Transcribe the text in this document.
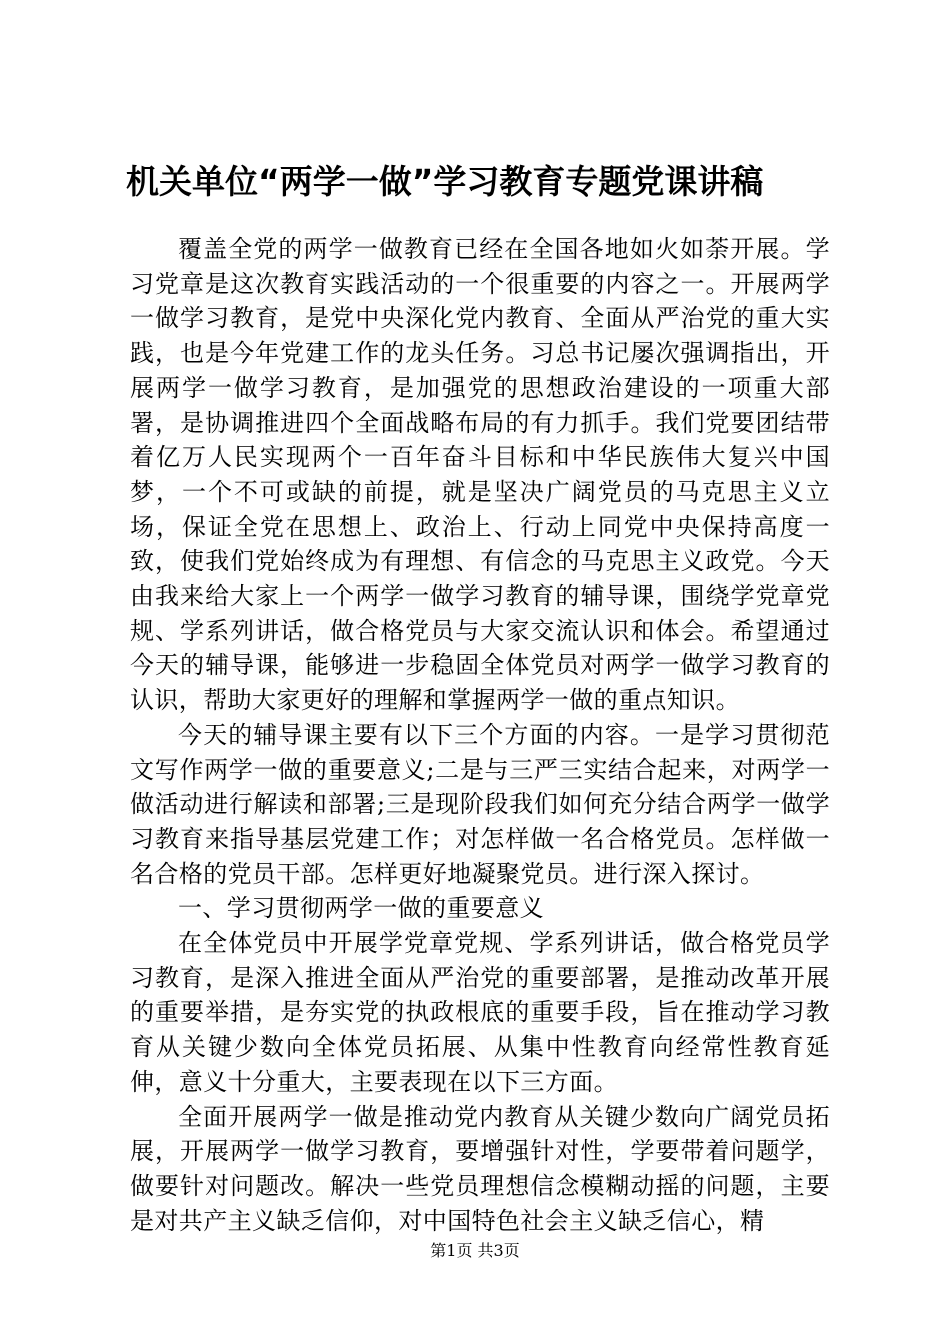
机关单位“两学一做”学习教育专题党课讲稿

覆盖全党的两学一做教育已经在全国各地如火如荼开展。学习党章是这次教育实践活动的一个很重要的内容之一。开展两学一做学习教育，是党中央深化党内教育、全面从严治党的重大实践，也是今年党建工作的龙头任务。习总书记屡次强调指出，开展两学一做学习教育，是加强党的思想政治建设的一项重大部署，是协调推进四个全面战略布局的有力抓手。我们党要团结带着亿万人民实现两个一百年奋斗目标和中华民族伟大复兴中国梦，一个不可或缺的前提，就是坚决广阔党员的马克思主义立场，保证全党在思想上、政治上、行动上同党中央保持高度一致，使我们党始终成为有理想、有信念的马克思主义政党。今天由我来给大家上一个两学一做学习教育的辅导课，围绕学党章党规、学系列讲话，做合格党员与大家交流认识和体会。希望通过今天的辅导课，能够进一步稳固全体党员对两学一做学习教育的认识，帮助大家更好的理解和掌握两学一做的重点知识。

今天的辅导课主要有以下三个方面的内容。一是学习贯彻范文写作两学一做的重要意义;二是与三严三实结合起来，对两学一做活动进行解读和部署;三是现阶段我们如何充分结合两学一做学习教育来指导基层党建工作；对怎样做一名合格党员。怎样做一名合格的党员干部。怎样更好地凝聚党员。进行深入探讨。

一、学习贯彻两学一做的重要意义

在全体党员中开展学党章党规、学系列讲话，做合格党员学习教育，是深入推进全面从严治党的重要部署，是推动改革开展的重要举措，是夯实党的执政根底的重要手段，旨在推动学习教育从关键少数向全体党员拓展、从集中性教育向经常性教育延伸，意义十分重大，主要表现在以下三方面。

全面开展两学一做是推动党内教育从关键少数向广阔党员拓展，开展两学一做学习教育，要增强针对性，学要带着问题学，做要针对问题改。解决一些党员理想信念模糊动摇的问题，主要是对共产主义缺乏信仰，对中国特色社会主义缺乏信心，精

第1页 共3页
